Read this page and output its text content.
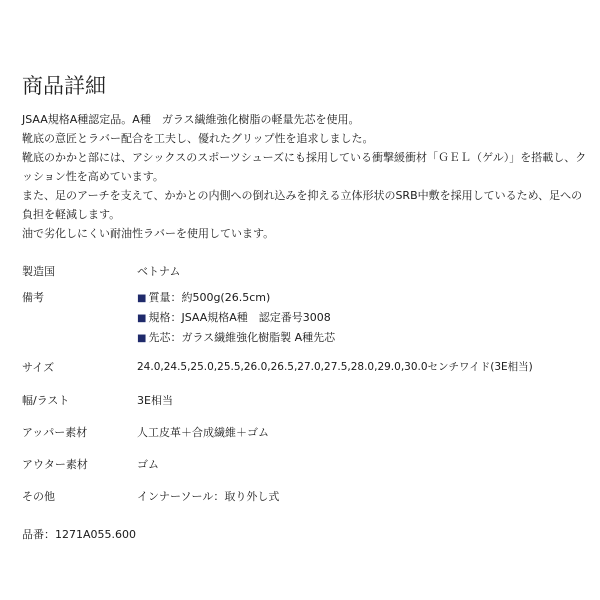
商品詳細

JSAA規格A種認定品。A種　ガラス繊維強化樹脂の軽量先芯を使用。

靴底の意匠とラバー配合を工夫し、優れたグリップ性を追求しました。

靴底のかかと部には、アシックスのスポーツシューズにも採用している衝撃緩衝材「ＧＥＬ（ゲル）」を搭載し、クッション性を高めています。

また、足のアーチを支えて、かかとの内側への倒れ込みを抑える立体形状のSRB中敷を採用しているため、足への負担を軽減します。

油で劣化しにくい耐油性ラバーを使用しています。

製造国	ベトナム
備考	■ 質量：約500g(26.5cm)
■ 規格：JSAA規格A種　認定番号3008
■ 先芯：ガラス繊維強化樹脂製 A種先芯
サイズ	24.0,24.5,25.0,25.5,26.0,26.5,27.0,27.5,28.0,29.0,30.0センチワイド(3E相当)
幅/ラスト	3E相当
アッパー素材	人工皮革＋合成繊維＋ゴム
アウター素材	ゴム
その他	インナーソール：取り外し式
品番：1271A055.600
